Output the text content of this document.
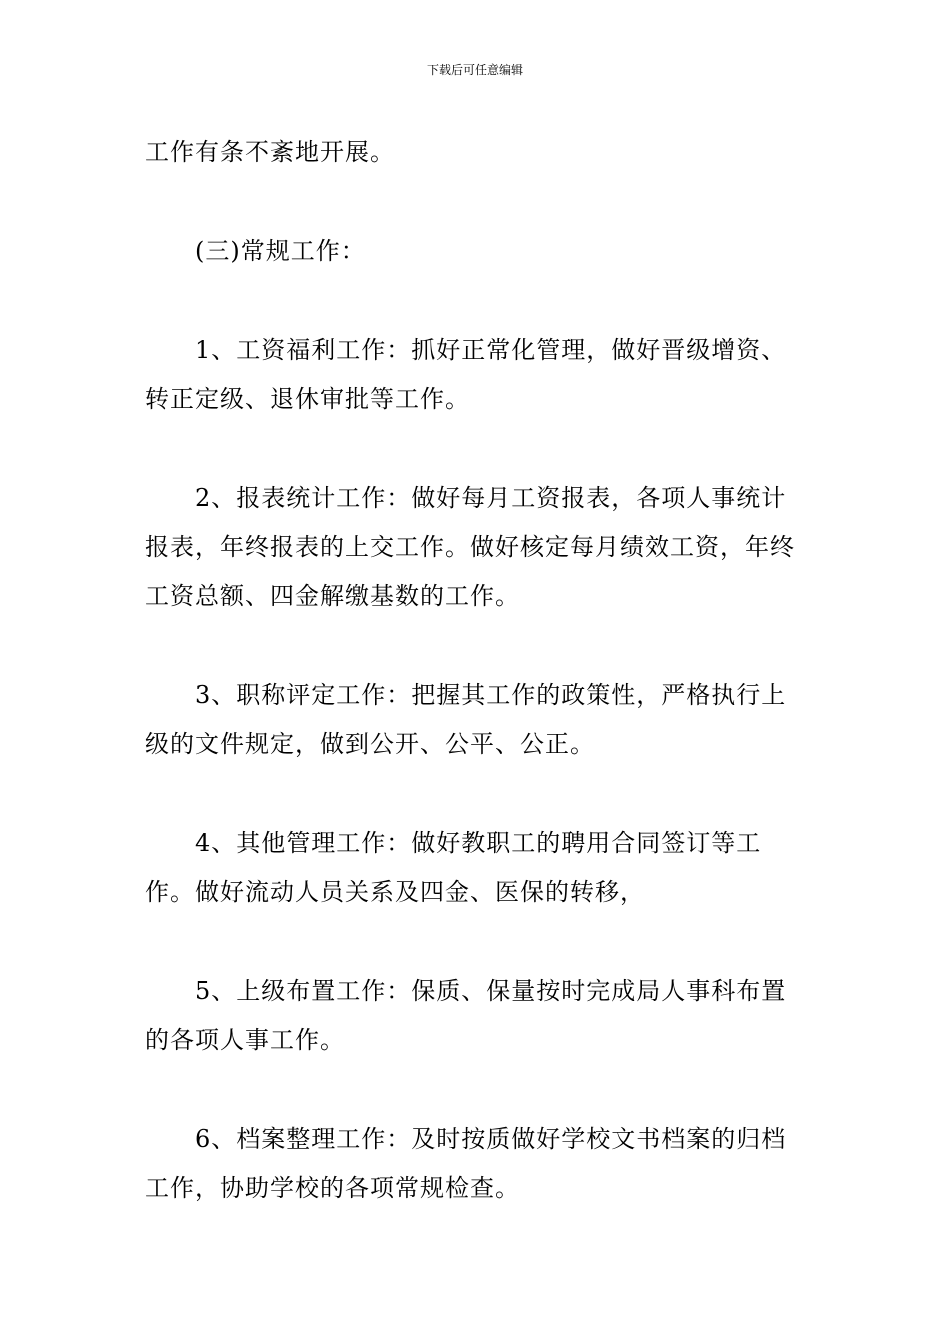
下载后可任意编辑

工作有条不紊地开展。

(三)常规工作：

1、工资福利工作：抓好正常化管理，做好晋级增资、转正定级、退休审批等工作。

2、报表统计工作：做好每月工资报表，各项人事统计报表，年终报表的上交工作。做好核定每月绩效工资，年终工资总额、四金解缴基数的工作。

3、职称评定工作：把握其工作的政策性，严格执行上级的文件规定，做到公开、公平、公正。

4、其他管理工作：做好教职工的聘用合同签订等工作。做好流动人员关系及四金、医保的转移，

5、上级布置工作：保质、保量按时完成局人事科布置的各项人事工作。

6、档案整理工作：及时按质做好学校文书档案的归档工作，协助学校的各项常规检查。
